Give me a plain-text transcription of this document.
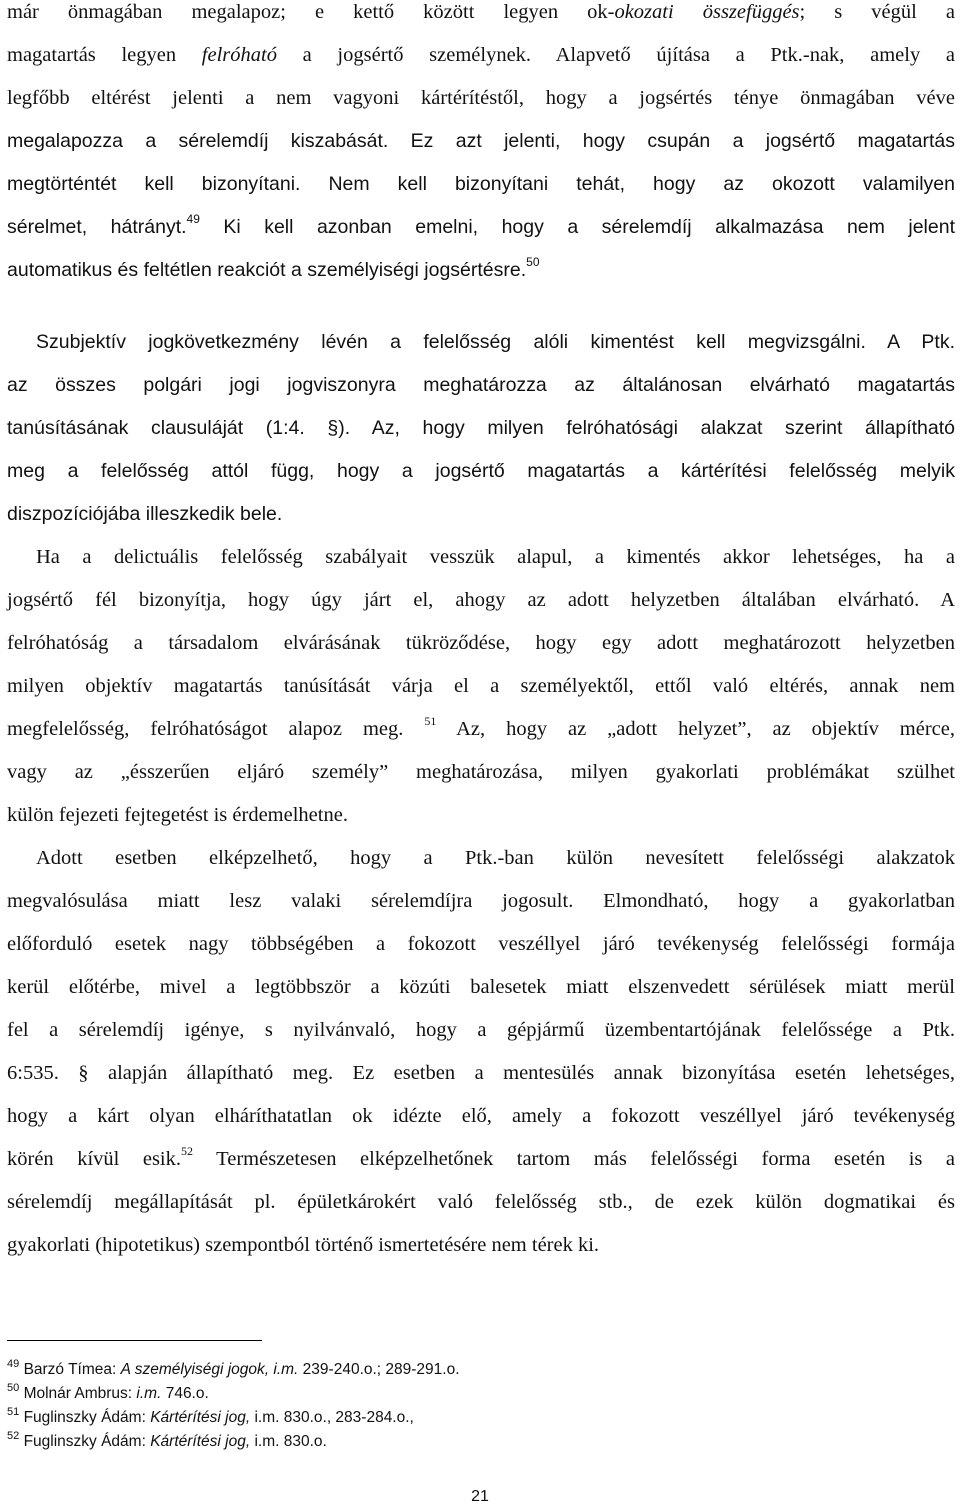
már önmagában megalapoz; e kettő között legyen ok-okozati összefüggés; s végül a
magatartás legyen felróható a jogsértő személynek. Alapvető újítása a Ptk.-nak, amely a
legfőbb eltérést jelenti a nem vagyoni kártérítéstől, hogy a jogsértés ténye önmagában véve
megalapozza a sérelemdíj kiszabását. Ez azt jelenti, hogy csupán a jogsértő magatartás
megtörténtét kell bizonyítani. Nem kell bizonyítani tehát, hogy az okozott valamilyen
sérelmet, hátrányt.$^{49}$ Ki kell azonban emelni, hogy a sérelemdíj alkalmazása nem jelent
automatikus és feltétlen reakciót a személyiségi jogsértésre.$^{50}$
Szubjektív jogkövetkezmény lévén a felelősség alóli kimentést kell megvizsgálni. A Ptk.
az összes polgári jogi jogviszonyra meghatározza az általánosan elvárható magatartás
tanúsításának clausuláját (1:4. §). Az, hogy milyen felróhatósági alakzat szerint állapítható
meg a felelősség attól függ, hogy a jogsértő magatartás a kártérítési felelősség melyik
diszpozíciójába illeszkedik bele.
Ha a delictuális felelősség szabályait vesszük alapul, a kimentés akkor lehetséges, ha a
jogsértő fél bizonyítja, hogy úgy járt el, ahogy az adott helyzetben általában elvárható. A
felróhatóság a társadalom elvárásának tükröződése, hogy egy adott meghatározott helyzetben
milyen objektív magatartás tanúsítását várja el a személyektől, ettől való eltérés, annak nem
megfelelősség, felróhatóságot alapoz meg. $^{51}$ Az, hogy az „adott helyzet”, az objektív mérce,
vagy az „ésszerűen eljáró személy” meghatározása, milyen gyakorlati problémákat szülhet
külön fejezeti fejtegetést is érdemelhetne.
Adott esetben elképzelhető, hogy a Ptk.-ban külön nevesített felelősségi alakzatok
megvalósulása miatt lesz valaki sérelemdíjra jogosult. Elmondható, hogy a gyakorlatban
előforduló esetek nagy többségében a fokozott veszéllyel járó tevékenység felelősségi formája
kerül előtérbe, mivel a legtöbbször a közúti balesetek miatt elszenvedett sérülések miatt merül
fel a sérelemdíj igénye, s nyilvánvaló, hogy a gépjármű üzembentartójának felelőssége a Ptk.
6:535. § alapján állapítható meg. Ez esetben a mentesülés annak bizonyítása esetén lehetséges,
hogy a kárt olyan elháríthatatlan ok idézte elő, amely a fokozott veszéllyel járó tevékenység
körén kívül esik.$^{52}$ Természetesen elképzelhetőnek tartom más felelősségi forma esetén is a
sérelemdíj megállapítását pl. épületkárokért való felelősség stb., de ezek külön dogmatikai és
gyakorlati (hipotetikus) szempontból történő ismertetésére nem térek ki.
$^{49}$ Barzó Tímea: A személyiségi jogok, i.m. 239-240.o.; 289-291.o.
$^{50}$ Molnár Ambrus: i.m. 746.o.
$^{51}$ Fuglinszky Ádám: Kártérítési jog, i.m. 830.o., 283-284.o.,
$^{52}$ Fuglinszky Ádám: Kártérítési jog, i.m. 830.o.
21
